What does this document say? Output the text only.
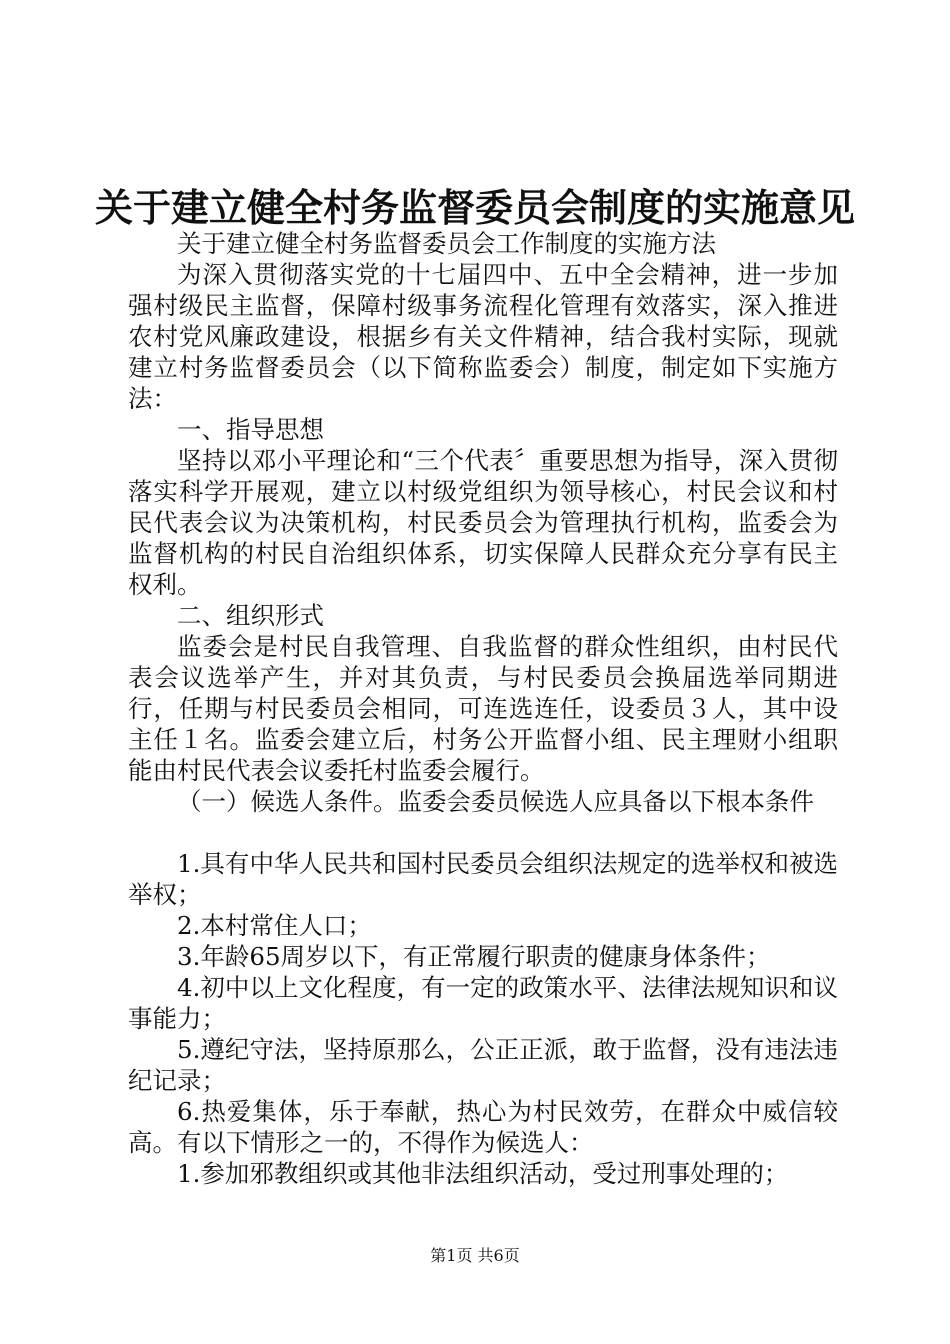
关于建立健全村务监督委员会制度的实施意见

关于建立健全村务监督委员会工作制度的实施方法

为深入贯彻落实党的十七届四中、五中全会精神，进一步加强村级民主监督，保障村级事务流程化管理有效落实，深入推进农村党风廉政建设，根据乡有关文件精神，结合我村实际，现就建立村务监督委员会（以下简称监委会）制度，制定如下实施方法：

一、指导思想

坚持以邓小平理论和“三个代表〞重要思想为指导，深入贯彻落实科学开展观，建立以村级党组织为领导核心，村民会议和村民代表会议为决策机构，村民委员会为管理执行机构，监委会为监督机构的村民自治组织体系，切实保障人民群众充分享有民主权利。

二、组织形式

监委会是村民自我管理、自我监督的群众性组织，由村民代表会议选举产生，并对其负责，与村民委员会换届选举同期进行，任期与村民委员会相同，可连选连任，设委员３人，其中设主任１名。监委会建立后，村务公开监督小组、民主理财小组职能由村民代表会议委托村监委会履行。

（一）候选人条件。监委会委员候选人应具备以下根本条件

1.具有中华人民共和国村民委员会组织法规定的选举权和被选举权；

2.本村常住人口；

3.年龄65周岁以下，有正常履行职责的健康身体条件；

4.初中以上文化程度，有一定的政策水平、法律法规知识和议事能力；

5.遵纪守法，坚持原那么，公正正派，敢于监督，没有违法违纪记录；

6.热爱集体，乐于奉献，热心为村民效劳，在群众中威信较高。有以下情形之一的，不得作为候选人：

1.参加邪教组织或其他非法组织活动，受过刑事处理的；

第1页 共6页
